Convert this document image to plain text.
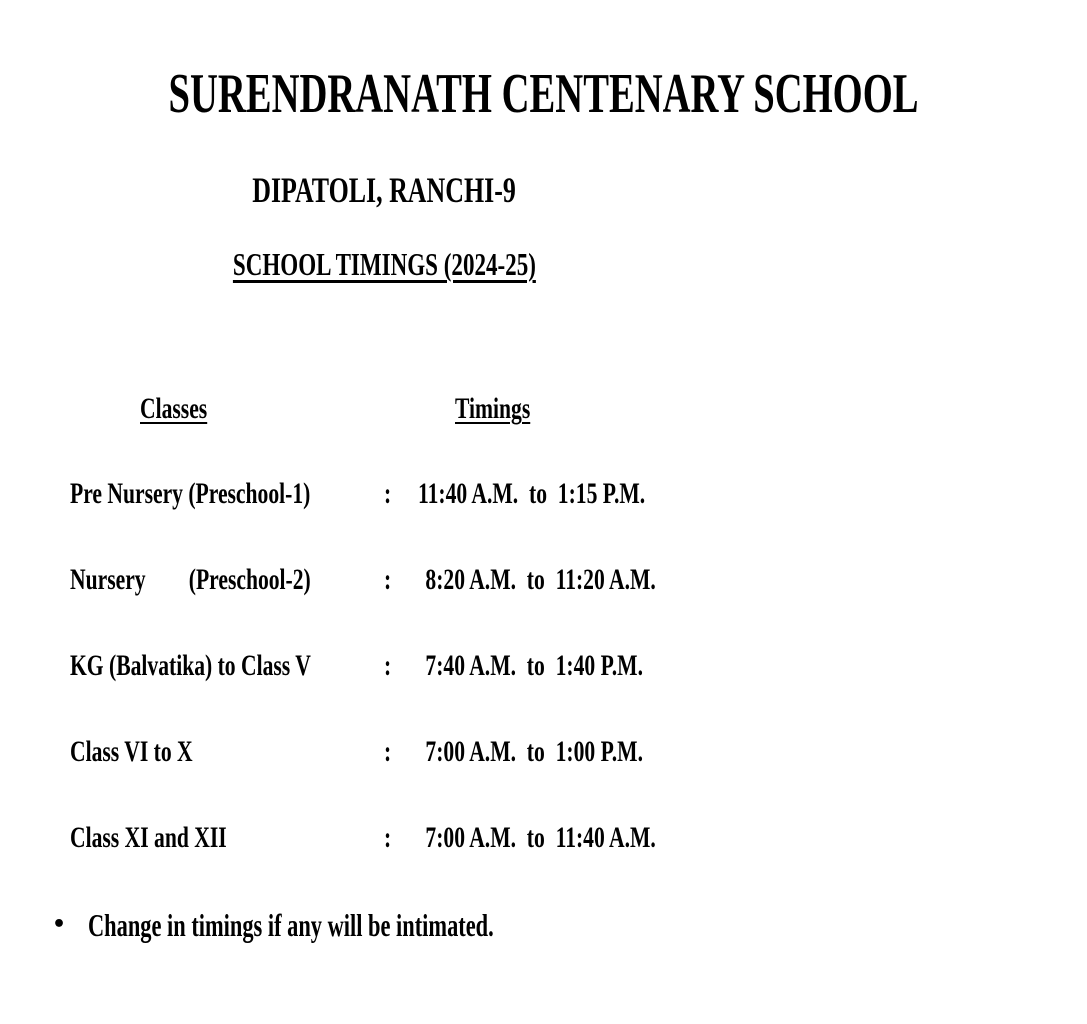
SURENDRANATH CENTENARY SCHOOL
DIPATOLI, RANCHI-9
SCHOOL TIMINGS (2024-25)
Classes	Timings
Pre Nursery (Preschool-1)	: 11:40 A.M.  to  1:15 P.M.
Nursery        (Preschool-2)	: 8:20 A.M.  to  11:20 A.M.
KG (Balvatika) to Class V	: 7:40 A.M.  to  1:40 P.M.
Class VI to X	: 7:00 A.M.  to  1:00 P.M.
Class XI and XII	: 7:00 A.M.  to  11:40 A.M.
• Change in timings if any will be intimated.
